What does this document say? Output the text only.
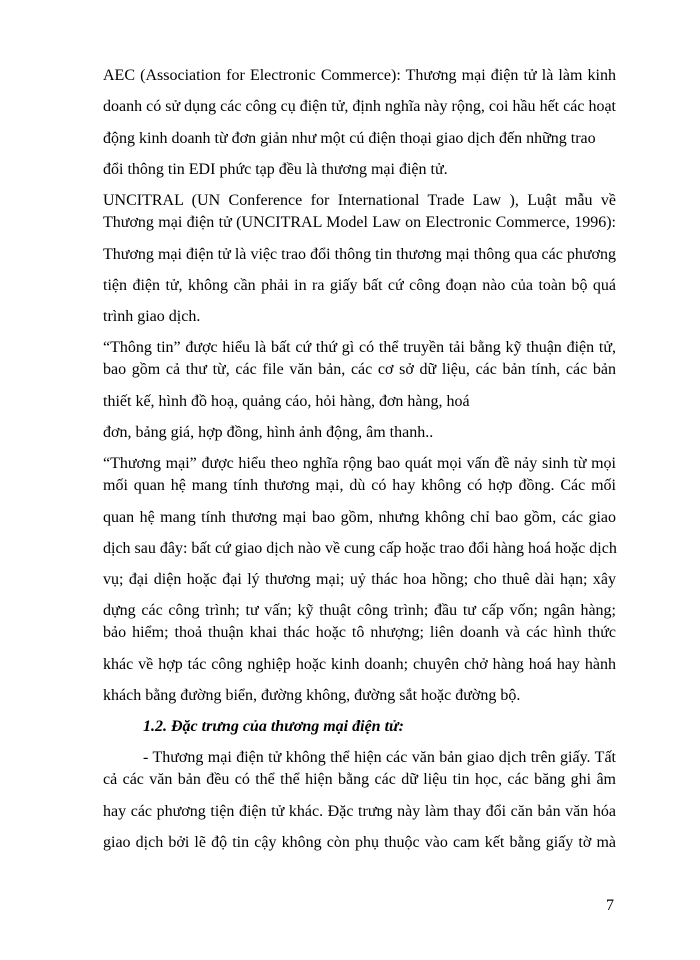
AEC (Association for Electronic Commerce): Thương mại điện tử là làm kinh
doanh có sử dụng các công cụ điện tử, định nghĩa này rộng, coi hầu hết các hoạt
động kinh doanh từ đơn giản như một cú điện thoại giao dịch đến những trao
đổi thông tin EDI phức tạp đều là thương mại điện tử.
UNCITRAL (UN Conference for International Trade Law ), Luật mẫu về
Thương mại điện tử (UNCITRAL Model Law on Electronic Commerce, 1996):
Thương mại điện tử là việc trao đổi thông tin thương mại thông qua các phương
tiện điện tử, không cần phải in ra giấy bất cứ công đoạn nào của toàn bộ quá
trình giao dịch.
“Thông tin” được hiểu là bất cứ thứ gì có thể truyền tải bằng kỹ thuận điện tử,
bao gồm cả thư từ, các file văn bản, các cơ sở dữ liệu, các bản tính, các bản
thiết kế, hình đồ hoạ, quảng cáo, hỏi hàng, đơn hàng, hoá
đơn, bảng giá, hợp đồng, hình ảnh động, âm thanh..
“Thương mại” được hiểu theo nghĩa rộng bao quát mọi vấn đề nảy sinh từ mọi
mối quan hệ mang tính thương mại, dù có hay không có hợp đồng. Các mối
quan hệ mang tính thương mại bao gồm, nhưng không chỉ bao gồm, các giao
dịch sau đây: bất cứ giao dịch nào về cung cấp hoặc trao đổi hàng hoá hoặc dịch
vụ; đại diện hoặc đại lý thương mại; uỷ thác hoa hồng; cho thuê dài hạn; xây
dựng các công trình; tư vấn; kỹ thuật công trình; đầu tư cấp vốn; ngân hàng;
bảo hiểm; thoả thuận khai thác hoặc tô nhượng; liên doanh và các hình thức
khác về hợp tác công nghiệp hoặc kinh doanh; chuyên chở hàng hoá hay hành
khách bằng đường biển, đường không, đường sắt hoặc đường bộ.
1.2. Đặc trưng của thương mại điện tử:
- Thương mại điện tử không thể hiện các văn bản giao dịch trên giấy. Tất
cả các văn bản đều có thể thể hiện bằng các dữ liệu tin học, các băng ghi âm
hay các phương tiện điện tử khác. Đặc trưng này làm thay đổi căn bản văn hóa
giao dịch bởi lẽ độ tin cậy không còn phụ thuộc vào cam kết bằng giấy tờ mà
7
